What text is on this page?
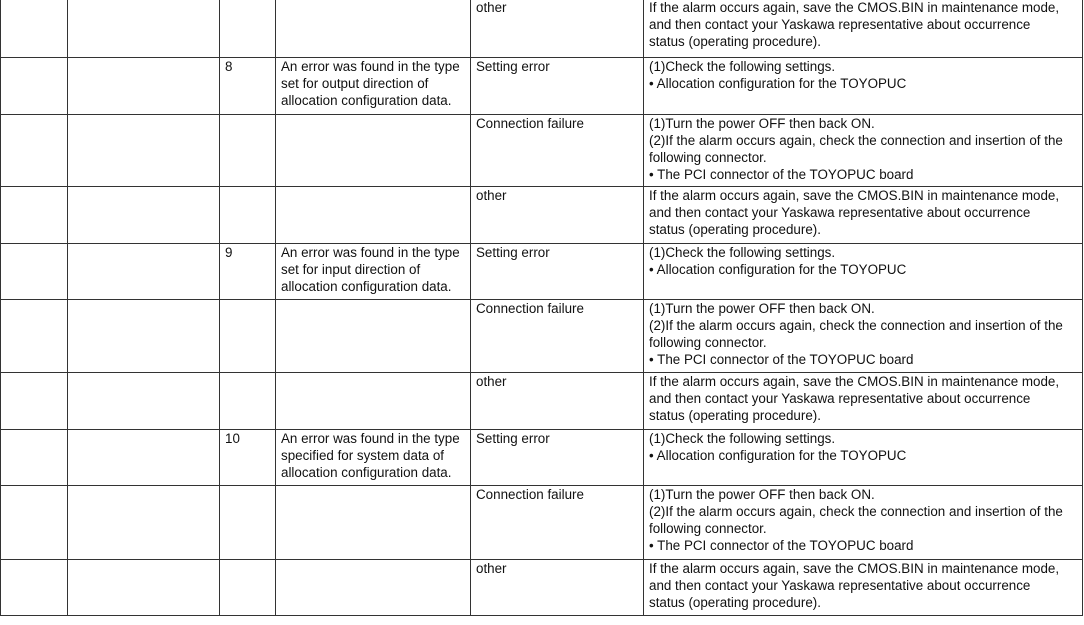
				other	If the alarm occurs again, save the CMOS.BIN in maintenance mode,
and then contact your Yaskawa representative about occurrence
status (operating procedure).

		8	An error was found in the type
set for output direction of
allocation configuration data.	Setting error	(1)Check the following settings.
• Allocation configuration for the TOYOPUC

				Connection failure	(1)Turn the power OFF then back ON.
(2)If the alarm occurs again, check the connection and insertion of the
following connector.
• The PCI connector of the TOYOPUC board

				other	If the alarm occurs again, save the CMOS.BIN in maintenance mode,
and then contact your Yaskawa representative about occurrence
status (operating procedure).

		9	An error was found in the type
set for input direction of
allocation configuration data.	Setting error	(1)Check the following settings.
• Allocation configuration for the TOYOPUC

				Connection failure	(1)Turn the power OFF then back ON.
(2)If the alarm occurs again, check the connection and insertion of the
following connector.
• The PCI connector of the TOYOPUC board

				other	If the alarm occurs again, save the CMOS.BIN in maintenance mode,
and then contact your Yaskawa representative about occurrence
status (operating procedure).

		10	An error was found in the type
specified for system data of
allocation configuration data.	Setting error	(1)Check the following settings.
• Allocation configuration for the TOYOPUC

				Connection failure	(1)Turn the power OFF then back ON.
(2)If the alarm occurs again, check the connection and insertion of the
following connector.
• The PCI connector of the TOYOPUC board

				other	If the alarm occurs again, save the CMOS.BIN in maintenance mode,
and then contact your Yaskawa representative about occurrence
status (operating procedure).
